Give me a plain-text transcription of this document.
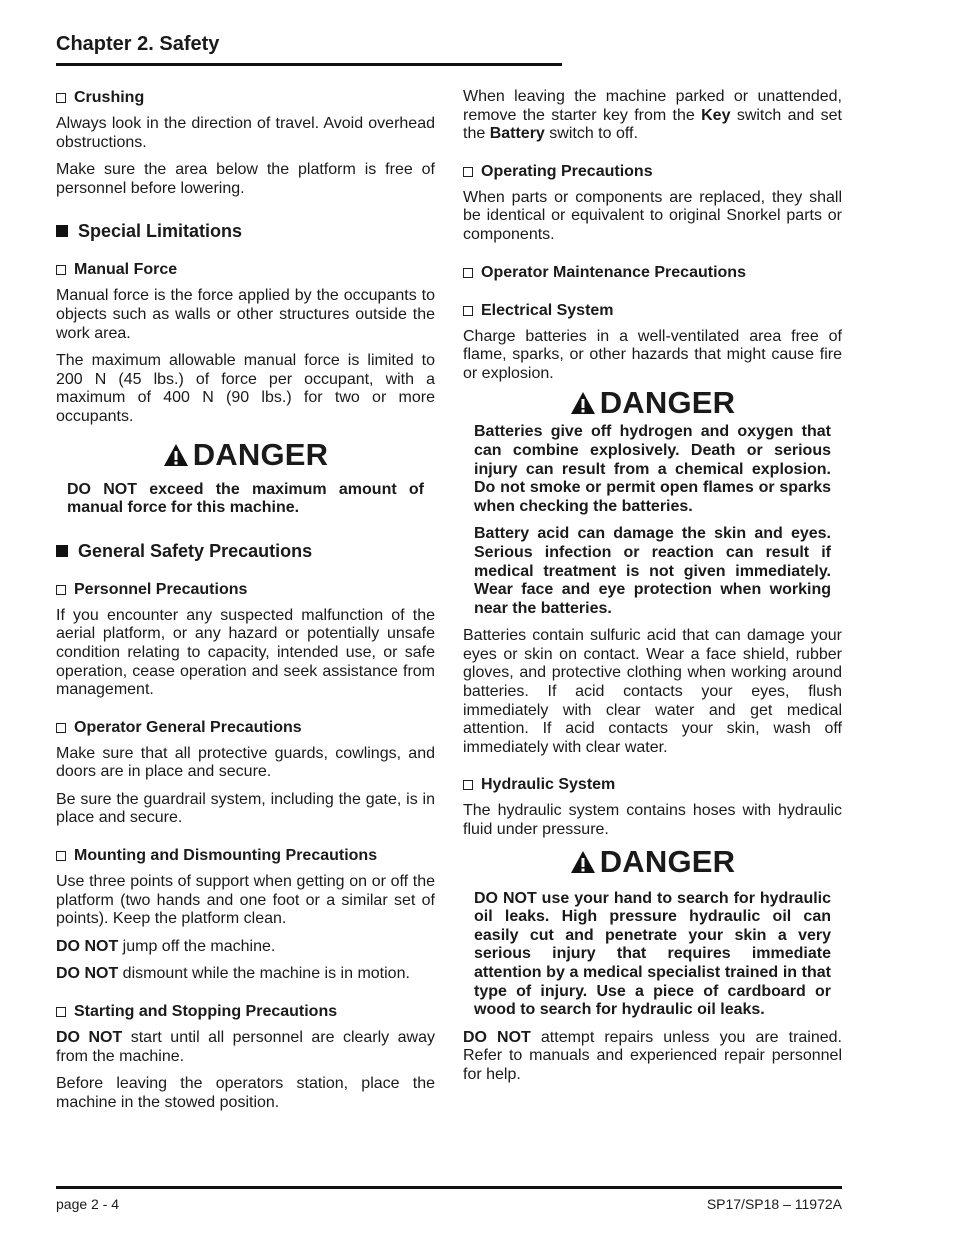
Chapter 2. Safety
Crushing

Always look in the direction of travel. Avoid overhead obstructions.

Make sure the area below the platform is free of personnel before lowering.

Special Limitations
Manual Force

Manual force is the force applied by the occupants to objects such as walls or other structures outside the work area.

The maximum allowable manual force is limited to 200 N (45 lbs.) of force per occupant, with a maximum of 400 N (90 lbs.) for two or more occupants.

DANGER

DO NOT exceed the maximum amount of manual force for this machine.

General Safety Precautions
Personnel Precautions

If you encounter any suspected malfunction of the aerial platform, or any hazard or potentially unsafe condition relating to capacity, intended use, or safe operation, cease operation and seek assistance from management.

Operator General Precautions

Make sure that all protective guards, cowlings, and doors are in place and secure.

Be sure the guardrail system, including the gate, is in place and secure.

Mounting and Dismounting Precautions

Use three points of support when getting on or off the platform (two hands and one foot or a similar set of points). Keep the platform clean.

DO NOT jump off the machine.

DO NOT dismount while the machine is in motion.

Starting and Stopping Precautions

DO NOT start until all personnel are clearly away from the machine.

Before leaving the operators station, place the machine in the stowed position.

When leaving the machine parked or unattended, remove the starter key from the Key switch and set the Battery switch to off.

Operating Precautions

When parts or components are replaced, they shall be identical or equivalent to original Snorkel parts or components.

Operator Maintenance Precautions
Electrical System

Charge batteries in a well-ventilated area free of flame, sparks, or other hazards that might cause fire or explosion.

DANGER

Batteries give off hydrogen and oxygen that can combine explosively. Death or serious injury can result from a chemical explosion. Do not smoke or permit open flames or sparks when checking the batteries.

Battery acid can damage the skin and eyes. Serious infection or reaction can result if medical treatment is not given immediately. Wear face and eye protection when working near the batteries.

Batteries contain sulfuric acid that can damage your eyes or skin on contact. Wear a face shield, rubber gloves, and protective clothing when working around batteries. If acid contacts your eyes, flush immediately with clear water and get medical attention. If acid contacts your skin, wash off immediately with clear water.

Hydraulic System

The hydraulic system contains hoses with hydraulic fluid under pressure.

DANGER

DO NOT use your hand to search for hydraulic oil leaks. High pressure hydraulic oil can easily cut and penetrate your skin a very serious injury that requires immediate attention by a medical specialist trained in that type of injury. Use a piece of cardboard or wood to search for hydraulic oil leaks.

DO NOT attempt repairs unless you are trained. Refer to manuals and experienced repair personnel for help.

page 2 - 4	SP17/SP18 – 11972A
